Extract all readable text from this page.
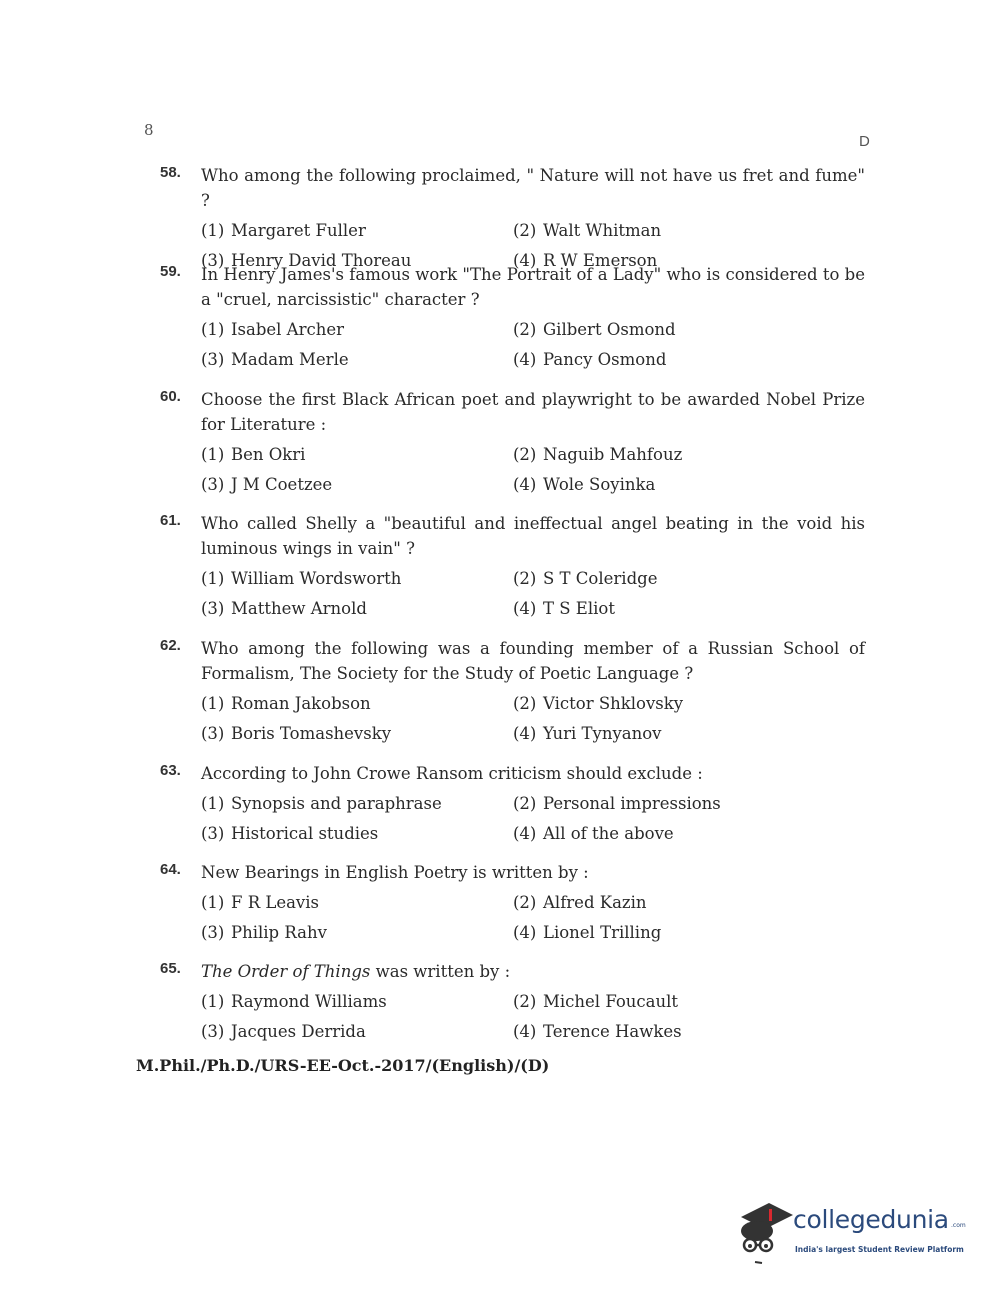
8
D
58. Who among the following proclaimed, " Nature will not have us fret and fume" ?
(1) Margaret Fuller	(2) Walt Whitman
(3) Henry David Thoreau	(4) R W Emerson
59. In Henry James's famous work "The Portrait of a Lady" who is considered to be a "cruel, narcissistic" character ?
(1) Isabel Archer	(2) Gilbert Osmond
(3) Madam Merle	(4) Pancy Osmond
60. Choose the first Black African poet and playwright to be awarded Nobel Prize for Literature :
(1) Ben Okri	(2) Naguib Mahfouz
(3) J M Coetzee	(4) Wole Soyinka
61. Who called Shelly a "beautiful and ineffectual angel beating in the void his luminous wings in vain" ?
(1) William Wordsworth	(2) S T Coleridge
(3) Matthew Arnold	(4) T S Eliot
62. Who among the following was a founding member of a Russian School of Formalism, The Society for the Study of Poetic Language ?
(1) Roman Jakobson	(2) Victor Shklovsky
(3) Boris Tomashevsky	(4) Yuri Tynyanov
63. According to John Crowe Ransom criticism should exclude :
(1) Synopsis and paraphrase	(2) Personal impressions
(3) Historical studies	(4) All of the above
64. New Bearings in English Poetry is written by :
(1) F R Leavis	(2) Alfred Kazin
(3) Philip Rahv	(4) Lionel Trilling
65. The Order of Things was written by :
(1) Raymond Williams	(2) Michel Foucault
(3) Jacques Derrida	(4) Terence Hawkes
M.Phil./Ph.D./URS-EE-Oct.-2017/(English)/(D)
collegedunia .com
India's largest Student Review Platform
